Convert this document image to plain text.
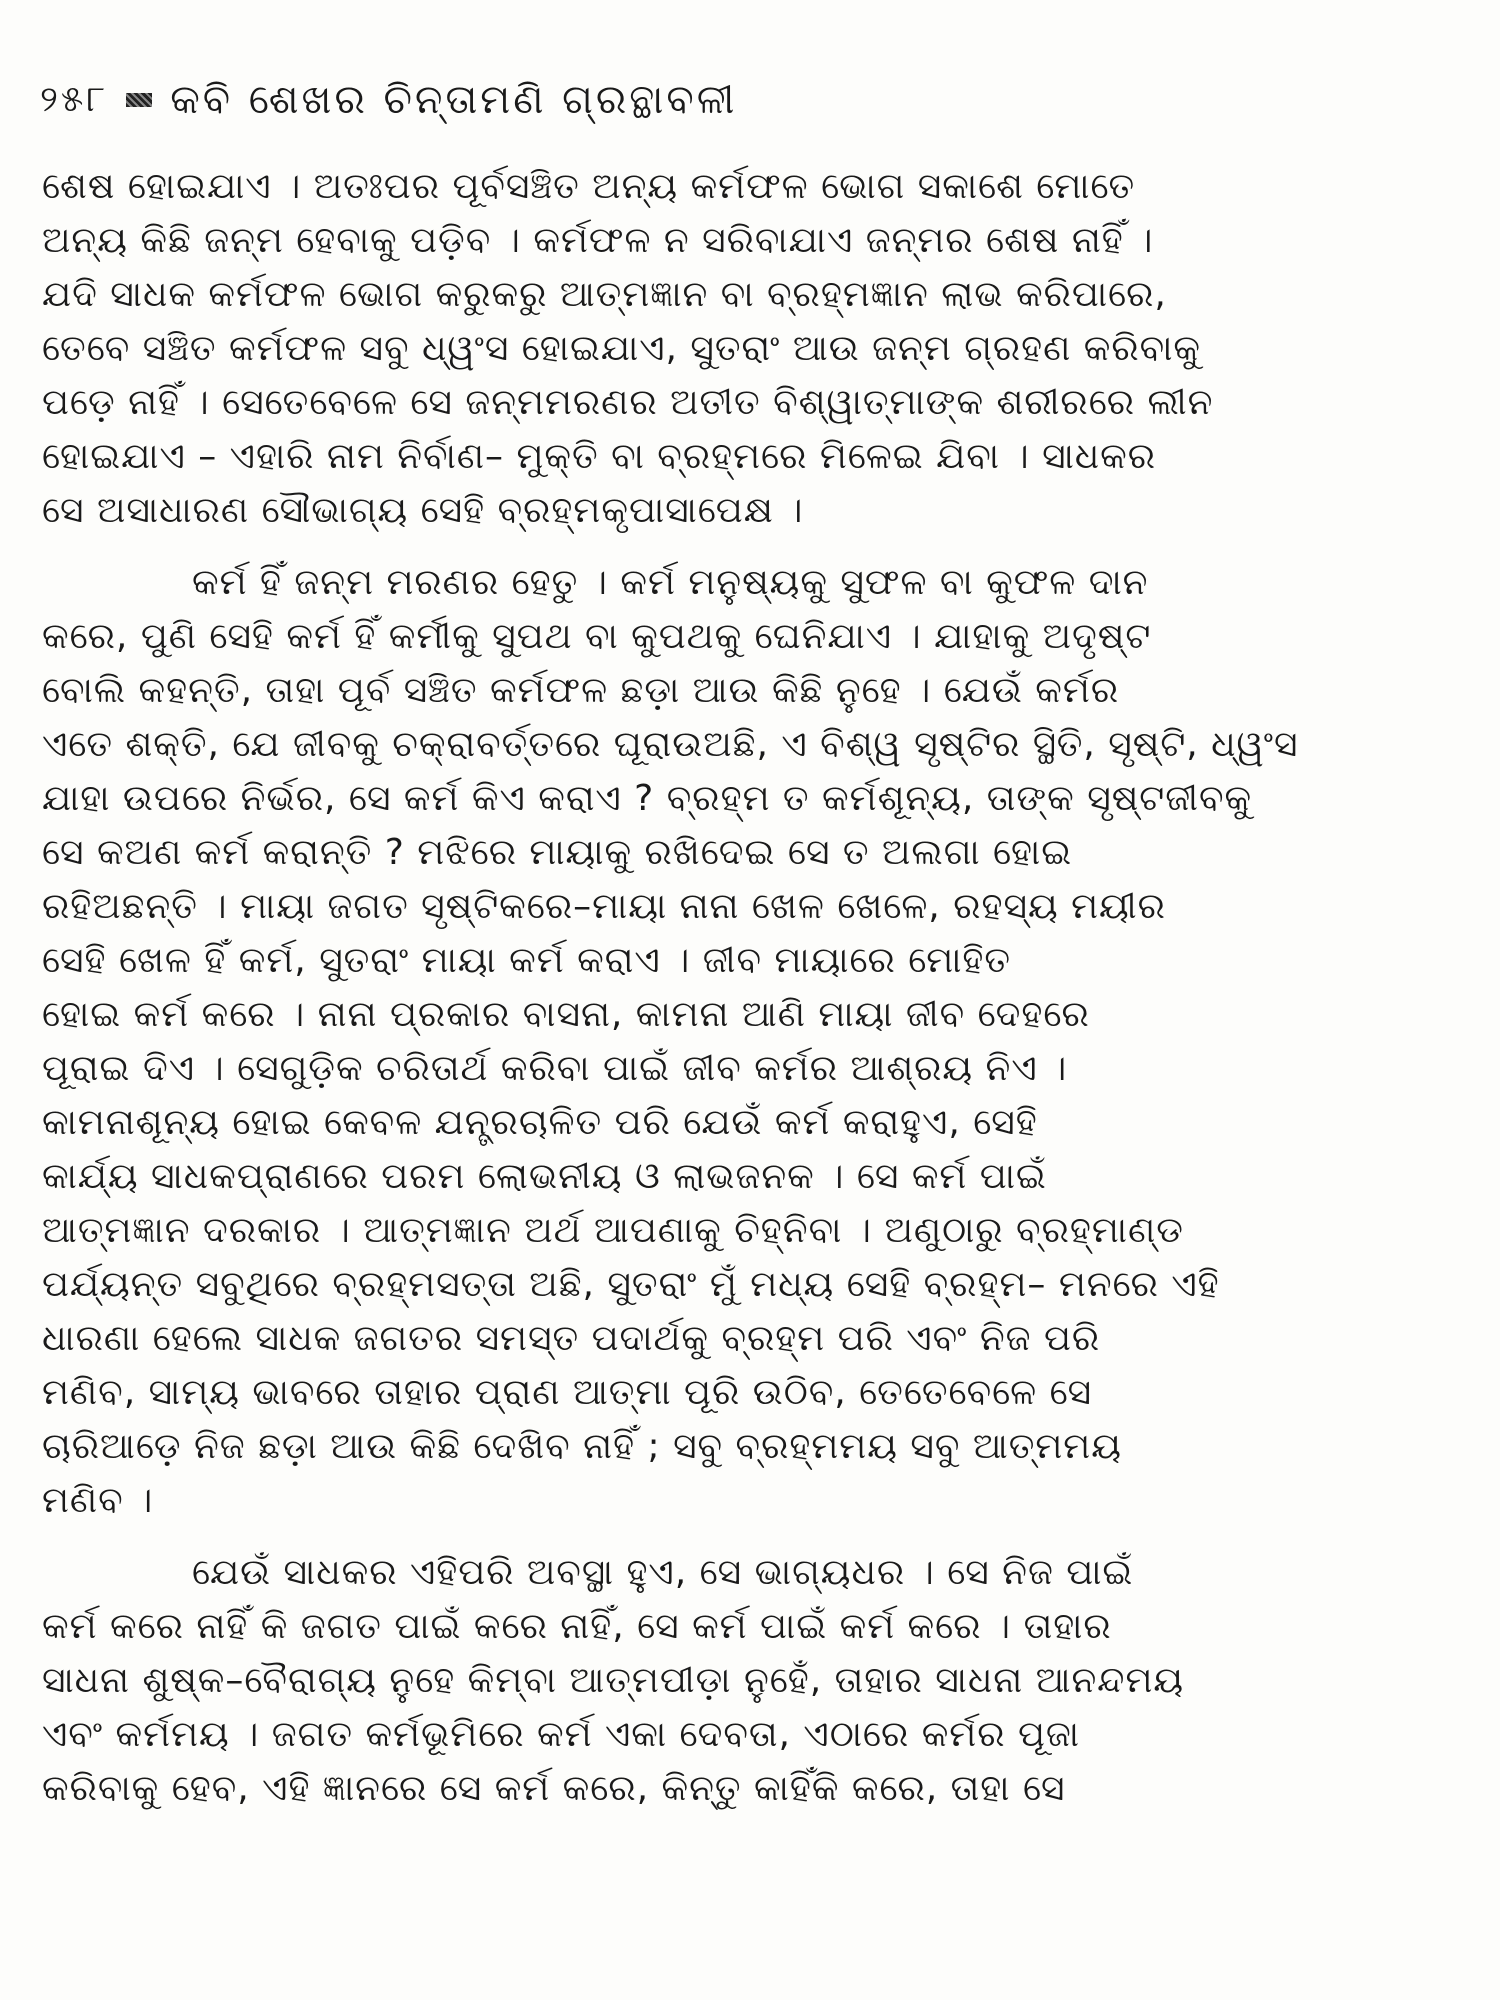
୨୫୮ କବି ଶେଖର ଚିନ୍ତାମଣି ଗ୍ରନ୍ଥାବଳୀ
ଶେଷ ହୋଇଯାଏ । ଅତଃପର ପୂର୍ବସଞ୍ଚିତ ଅନ୍ୟ କର୍ମଫଳ ଭୋଗ ସକାଶେ ମୋତେ
ଅନ୍ୟ କିଛି ଜନ୍ମ ହେବାକୁ ପଡ଼ିବ । କର୍ମଫଳ ନ ସରିବାଯାଏ ଜନ୍ମର ଶେଷ ନାହିଁ ।
ଯଦି ସାଧକ କର୍ମଫଳ ଭୋଗ କରୁକରୁ ଆତ୍ମଜ୍ଞାନ ବା ବ୍ରହ୍ମଜ୍ଞାନ ଲାଭ କରିପାରେ,
ତେବେ ସଞ୍ଚିତ କର୍ମଫଳ ସବୁ ଧ୍ୱଂସ ହୋଇଯାଏ, ସୁତରାଂ ଆଉ ଜନ୍ମ ଗ୍ରହଣ କରିବାକୁ
ପଡ଼େ ନାହିଁ । ସେତେବେଳେ ସେ ଜନ୍ମମରଣର ଅତୀତ ବିଶ୍ୱାତ୍ମାଙ୍କ ଶରୀରରେ ଲୀନ
ହୋଇଯାଏ – ଏହାରି ନାମ ନିର୍ବାଣ– ମୁକ୍ତି ବା ବ୍ରହ୍ମରେ ମିଳେଇ ଯିବା । ସାଧକର
ସେ ଅସାଧାରଣ ସୌଭାଗ୍ୟ ସେହି ବ୍ରହ୍ମକୃପାସାପେକ୍ଷ ।
କର୍ମ ହିଁ ଜନ୍ମ ମରଣର ହେତୁ । କର୍ମ ମନୁଷ୍ୟକୁ ସୁଫଳ ବା କୁଫଳ ଦାନ
କରେ, ପୁଣି ସେହି କର୍ମ ହିଁ କର୍ମୀକୁ ସୁପଥ ବା କୁପଥକୁ ଘେନିଯାଏ । ଯାହାକୁ ଅଦୃଷ୍ଟ
ବୋଲି କହନ୍ତି, ତାହା ପୂର୍ବ ସଞ୍ଚିତ କର୍ମଫଳ ଛଡ଼ା ଆଉ କିଛି ନୁହେ । ଯେଉଁ କର୍ମର
ଏତେ ଶକ୍ତି, ଯେ ଜୀବକୁ ଚକ୍ରାବର୍ତ୍ତରେ ଘୂରାଉଅଛି, ଏ ବିଶ୍ୱ ସୃଷ୍ଟିର ସ୍ଥିତି, ସୃଷ୍ଟି, ଧ୍ୱଂସ
ଯାହା ଉପରେ ନିର୍ଭର, ସେ କର୍ମ କିଏ କରାଏ ? ବ୍ରହ୍ମ ତ କର୍ମଶୂନ୍ୟ, ତାଙ୍କ ସୃଷ୍ଟଜୀବକୁ
ସେ କଅଣ କର୍ମ କରାନ୍ତି ? ମଝିରେ ମାୟାକୁ ରଖିଦେଇ ସେ ତ ଅଲଗା ହୋଇ
ରହିଅଛନ୍ତି । ମାୟା ଜଗତ ସୃଷ୍ଟିକରେ–ମାୟା ନାନା ଖେଳ ଖେଳେ, ରହସ୍ୟ ମୟୀର
ସେହି ଖେଳ ହିଁ କର୍ମ, ସୁତରାଂ ମାୟା କର୍ମ କରାଏ । ଜୀବ ମାୟାରେ ମୋହିତ
ହୋଇ କର୍ମ କରେ । ନାନା ପ୍ରକାର ବାସନା, କାମନା ଆଣି ମାୟା ଜୀବ ଦେହରେ
ପୂରାଇ ଦିଏ । ସେଗୁଡ଼ିକ ଚରିତାର୍ଥ କରିବା ପାଇଁ ଜୀବ କର୍ମର ଆଶ୍ରୟ ନିଏ ।
କାମନାଶୂନ୍ୟ ହୋଇ କେବଳ ଯନ୍ତ୍ରଚାଳିତ ପରି ଯେଉଁ କର୍ମ କରାହୁଏ, ସେହି
କାର୍ଯ୍ୟ ସାଧକପ୍ରାଣରେ ପରମ ଲୋଭନୀୟ ଓ ଲାଭଜନକ । ସେ କର୍ମ ପାଇଁ
ଆତ୍ମଜ୍ଞାନ ଦରକାର । ଆତ୍ମଜ୍ଞାନ ଅର୍ଥ ଆପଣାକୁ ଚିହ୍ନିବା । ଅଣୁଠାରୁ ବ୍ରହ୍ମାଣ୍ଡ
ପର୍ଯ୍ୟନ୍ତ ସବୁଥିରେ ବ୍ରହ୍ମସତ୍ତା ଅଛି, ସୁତରାଂ ମୁଁ ମଧ୍ୟ ସେହି ବ୍ରହ୍ମ– ମନରେ ଏହି
ଧାରଣା ହେଲେ ସାଧକ ଜଗତର ସମସ୍ତ ପଦାର୍ଥକୁ ବ୍ରହ୍ମ ପରି ଏବଂ ନିଜ ପରି
ମଣିବ, ସାମ୍ୟ ଭାବରେ ତାହାର ପ୍ରାଣ ଆତ୍ମା ପୂରି ଉଠିବ, ତେତେବେଳେ ସେ
ଚାରିଆଡ଼େ ନିଜ ଛଡ଼ା ଆଉ କିଛି ଦେଖିବ ନାହିଁ ; ସବୁ ବ୍ରହ୍ମମୟ ସବୁ ଆତ୍ମମୟ
ମଣିବ ।
ଯେଉଁ ସାଧକର ଏହିପରି ଅବସ୍ଥା ହୁଏ, ସେ ଭାଗ୍ୟଧର । ସେ ନିଜ ପାଇଁ
କର୍ମ କରେ ନାହିଁ କି ଜଗତ ପାଇଁ କରେ ନାହିଁ, ସେ କର୍ମ ପାଇଁ କର୍ମ କରେ । ତାହାର
ସାଧନା ଶୁଷ୍କ–ବୈରାଗ୍ୟ ନୁହେ କିମ୍ବା ଆତ୍ମପୀଡ଼ା ନୁହେଁ, ତାହାର ସାଧନା ଆନନ୍ଦମୟ
ଏବଂ କର୍ମମୟ । ଜଗତ କର୍ମଭୂମିରେ କର୍ମ ଏକା ଦେବତା, ଏଠାରେ କର୍ମର ପୂଜା
କରିବାକୁ ହେବ, ଏହି ଜ୍ଞାନରେ ସେ କର୍ମ କରେ, କିନ୍ତୁ କାହିଁକି କରେ, ତାହା ସେ
